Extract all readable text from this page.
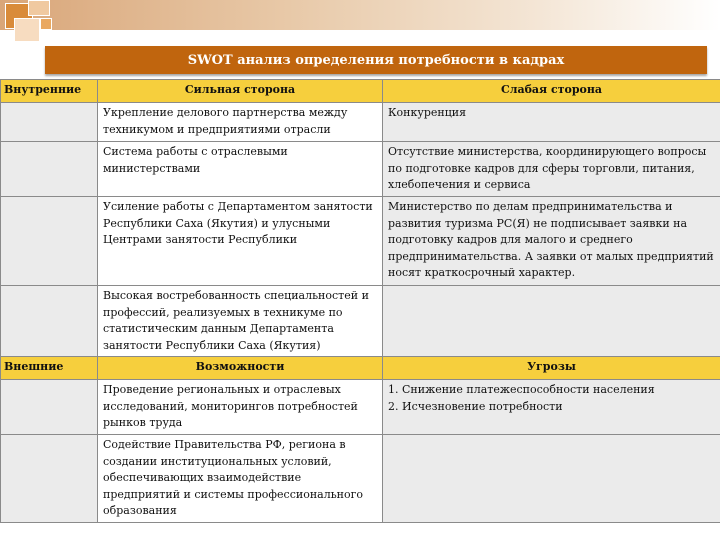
SWOT анализ определения потребности в кадрах
Внутренние	Сильная сторона	Слабая сторона
	Укрепление делового партнерства между техникумом и предприятиями отрасли	Конкуренция
	Система работы с отраслевыми министерствами	Отсутствие министерства, координирующего вопросы по подготовке кадров для сферы торговли, питания, хлебопечения и сервиса
	Усиление работы с Департаментом занятости Республики Саха (Якутия) и улусными Центрами занятости Республики	Министерство по делам предпринимательства и развития туризма РС(Я) не подписывает заявки на подготовку кадров для малого и среднего предпринимательства. А заявки от малых предприятий носят краткосрочный характер.
	Высокая востребованность специальностей и профессий, реализуемых в техникуме по статистическим данным Департамента занятости Республики Саха (Якутия)	
Внешние	Возможности	Угрозы
	Проведение региональных и отраслевых исследований, мониторингов потребностей рынков труда	1. Снижение платежеспособности населения
2. Исчезновение потребности

	Содействие Правительства РФ, региона в создании институциональных условий, обеспечивающих взаимодействие предприятий и системы профессионального образования	
